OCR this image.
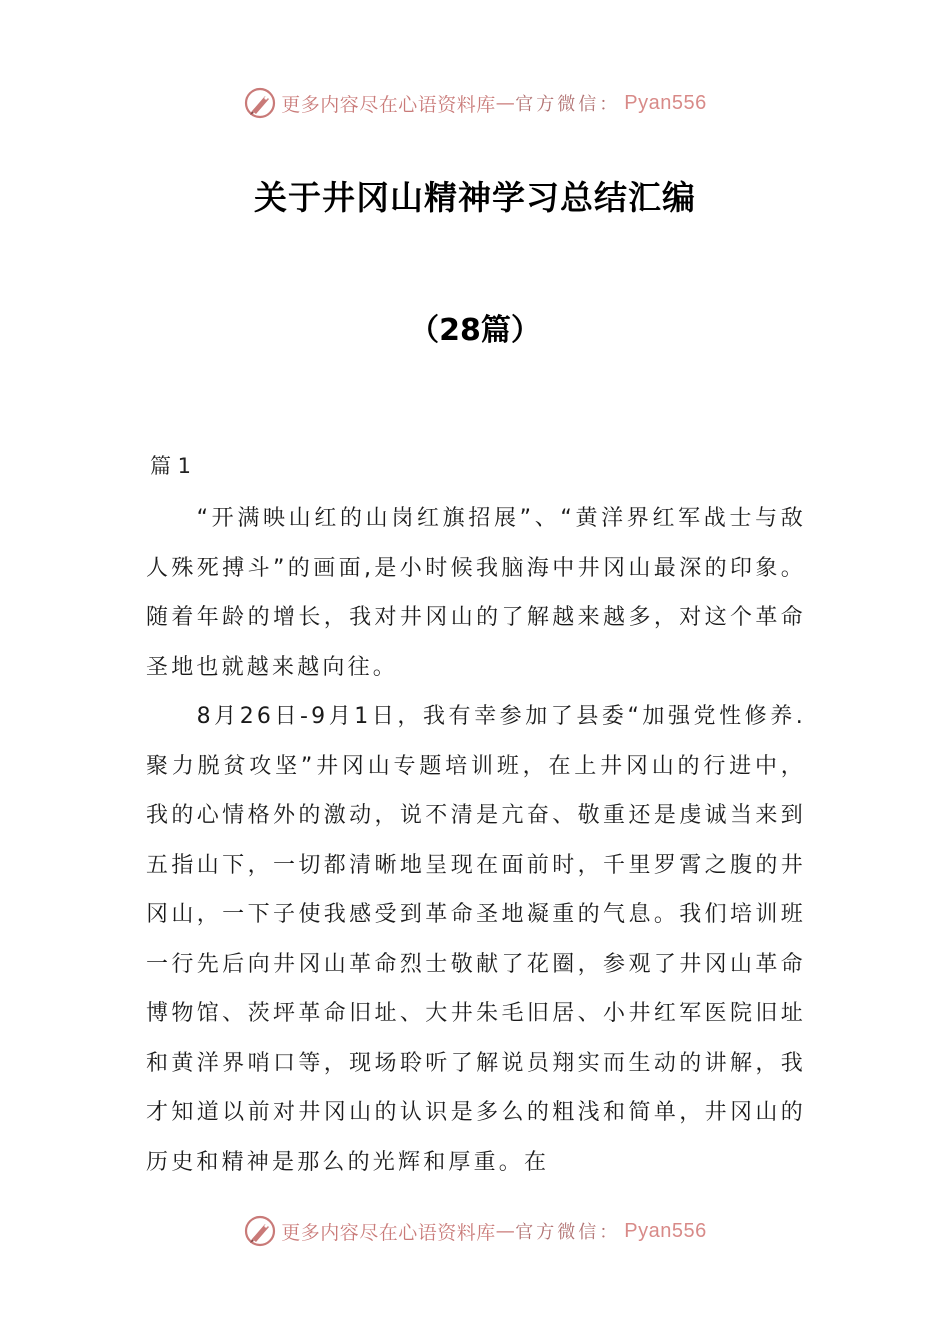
更多内容尽在心语资料库 — 官方微信： Pyan556
关于井冈山精神学习总结汇编
（28篇）
篇 1

“开满映山红的山岗红旗招展”、“黄洋界红军战士与敌人殊死搏斗”的画面,是小时候我脑海中井冈山最深的印象。随着年龄的增长，我对井冈山的了解越来越多，对这个革命圣地也就越来越向往。

8月26日-9月1日，我有幸参加了县委“加强党性修养.聚力脱贫攻坚”井冈山专题培训班，在上井冈山的行进中，我的心情格外的激动，说不清是亢奋、敬重还是虔诚当来到五指山下，一切都清晰地呈现在面前时，千里罗霄之腹的井冈山，一下子使我感受到革命圣地凝重的气息。我们培训班一行先后向井冈山革命烈士敬献了花圈，参观了井冈山革命博物馆、茨坪革命旧址、大井朱毛旧居、小井红军医院旧址和黄洋界哨口等，现场聆听了解说员翔实而生动的讲解，我才知道以前对井冈山的认识是多么的粗浅和简单，井冈山的历史和精神是那么的光辉和厚重。在

更多内容尽在心语资料库 — 官方微信： Pyan556
